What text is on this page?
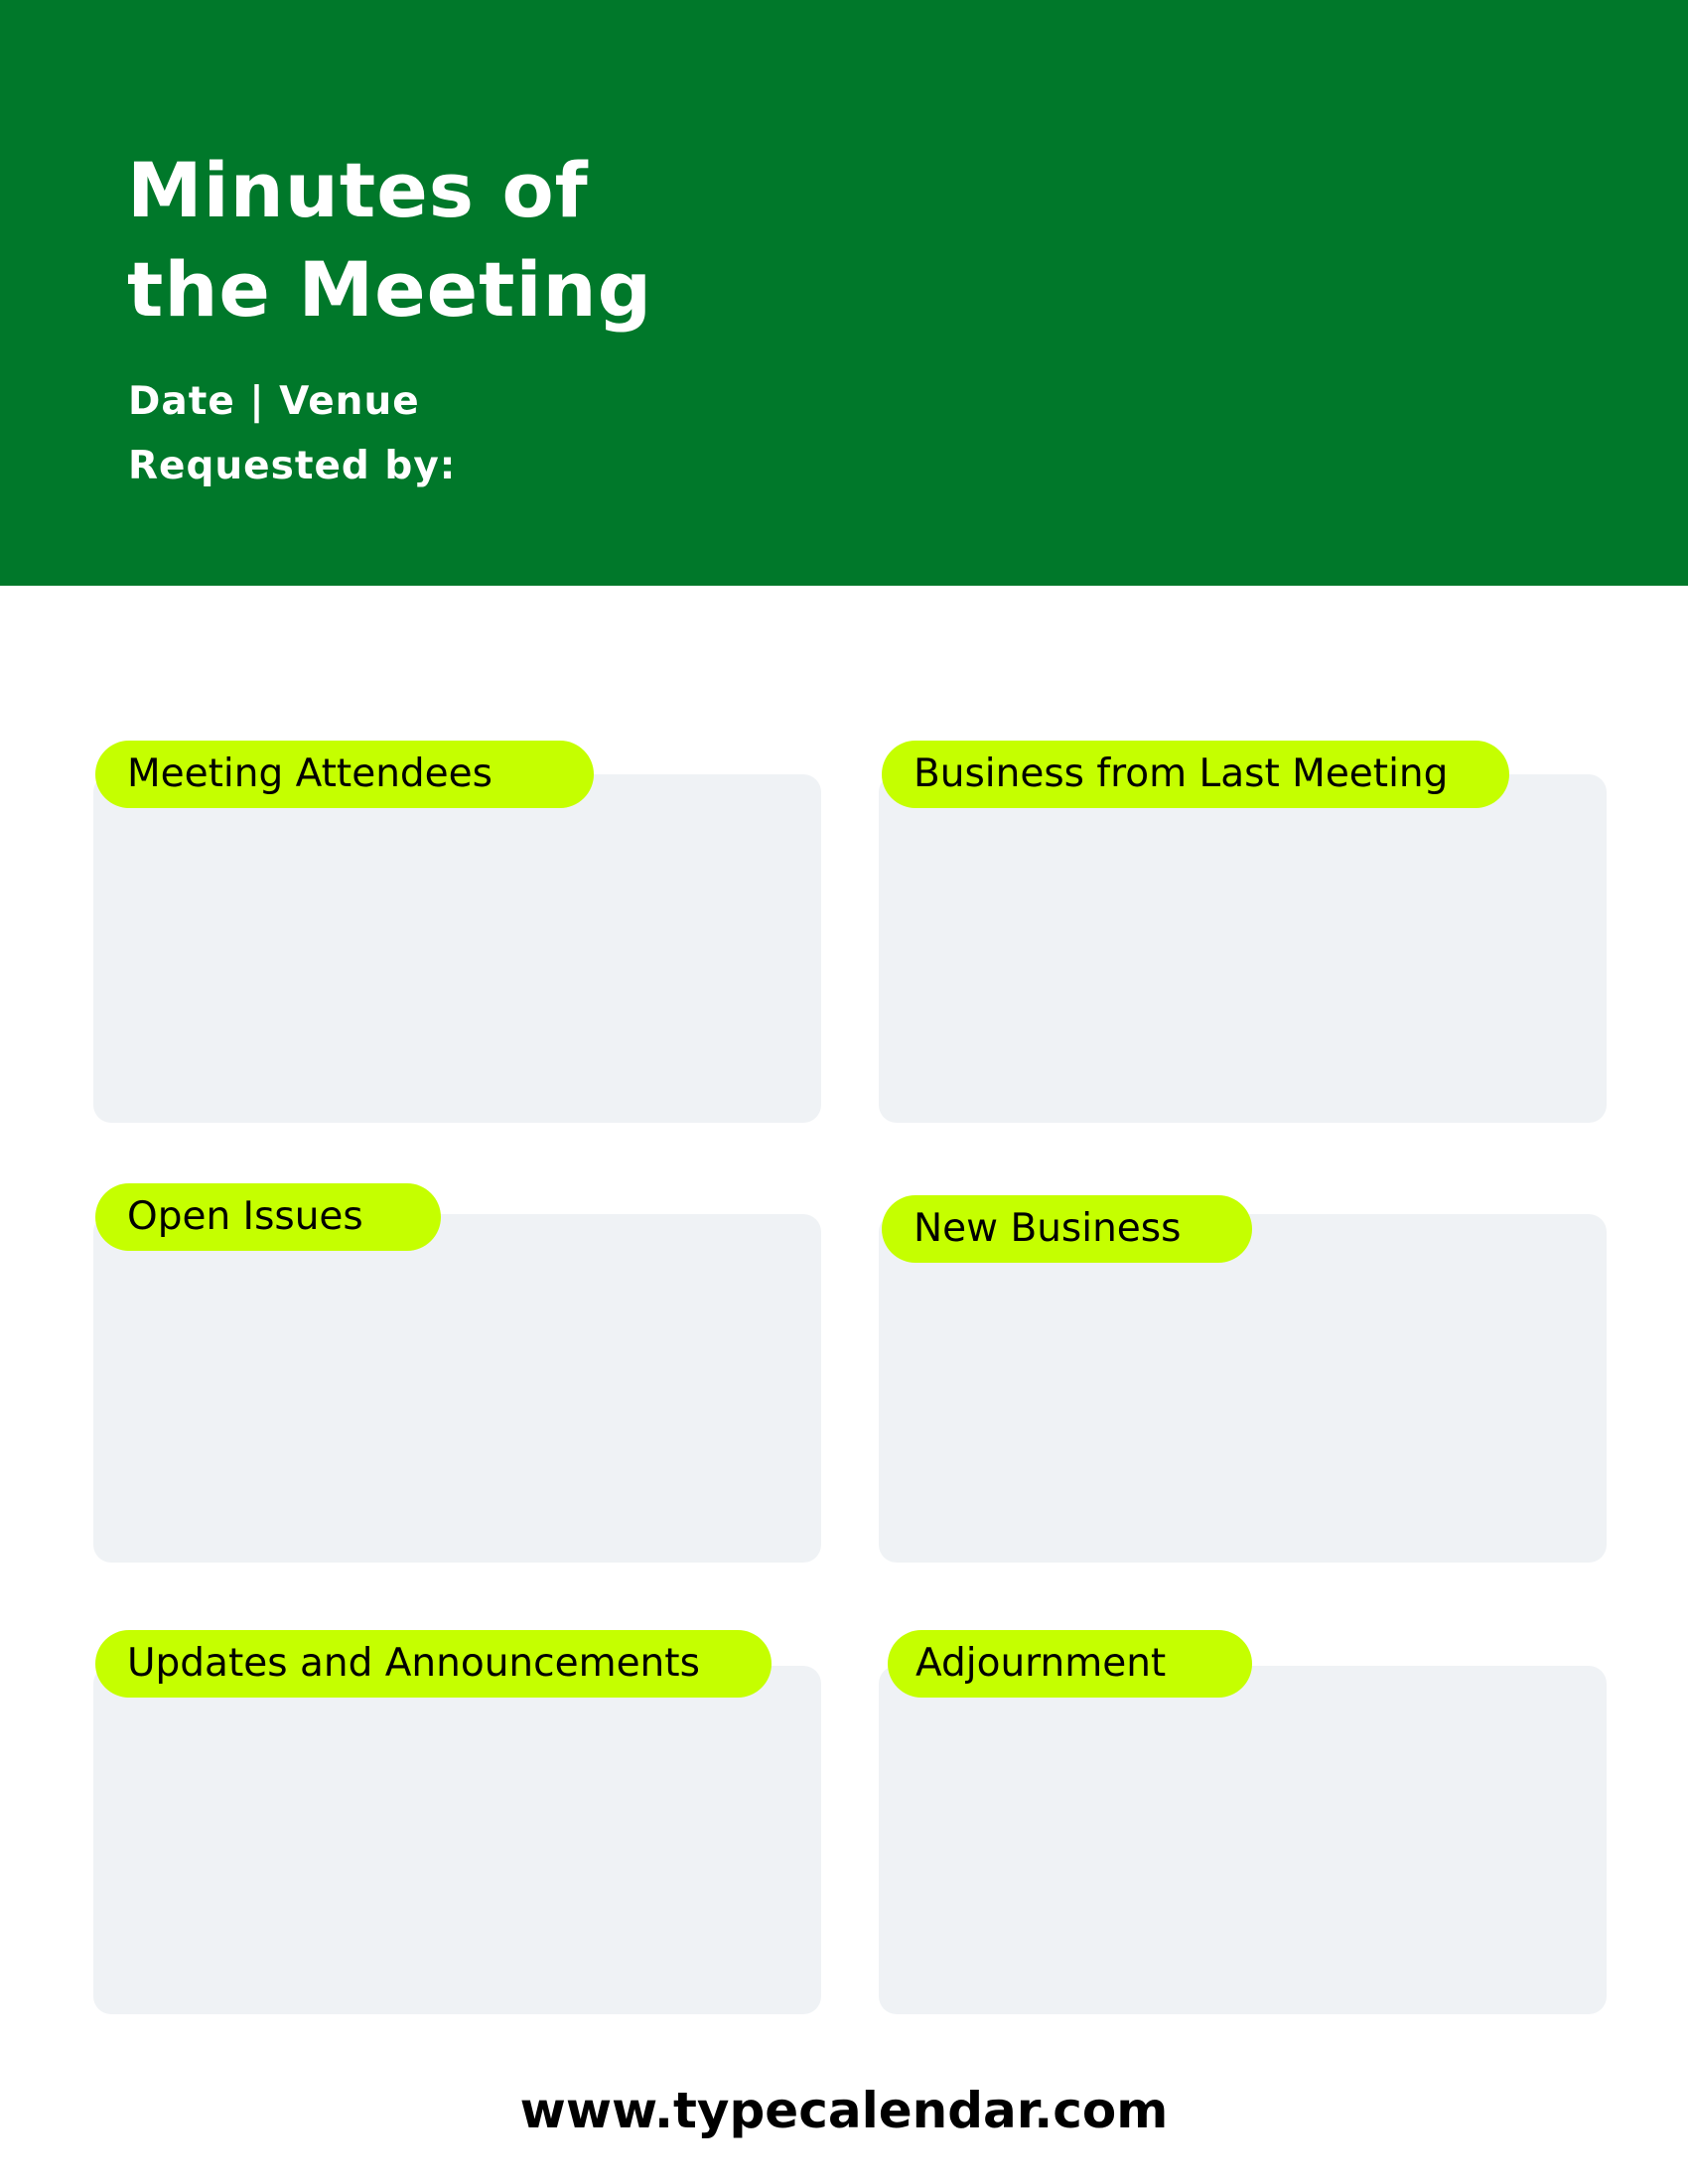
Minutes of
the Meeting
Date | Venue
Requested by:
Meeting Attendees	Business from Last Meeting
Open Issues	New Business
Updates and Announcements	Adjournment
www.typecalendar.com
